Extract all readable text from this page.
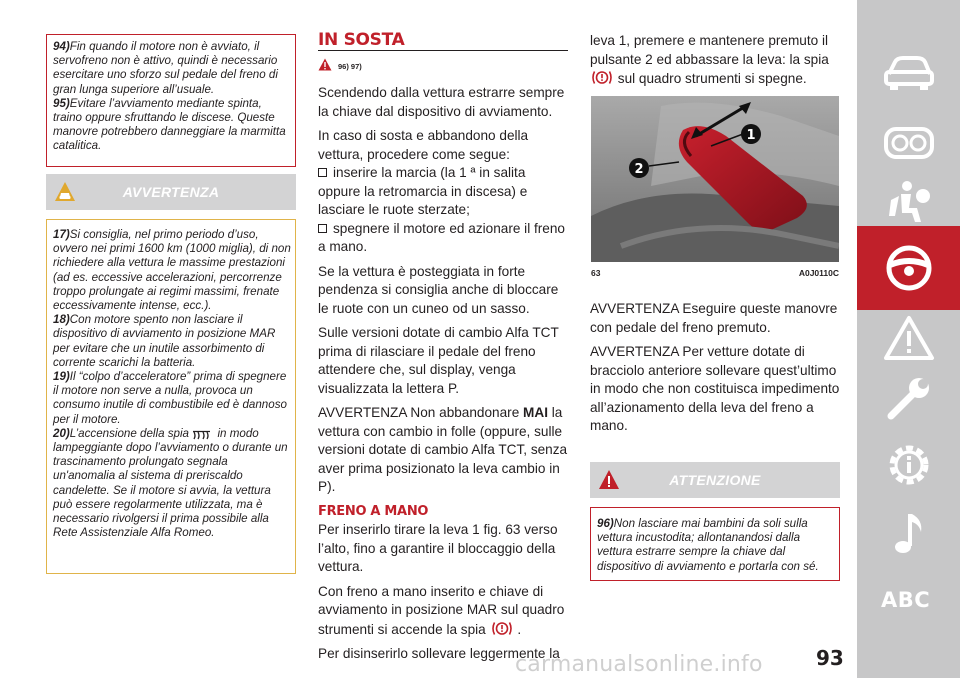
94)Fin quando il motore non è avviato, il servofreno non è attivo, quindi è necessario esercitare uno sforzo sul pedale del freno di gran lunga superiore all’usuale.

95)Evitare l’avviamento mediante spinta, traino oppure sfruttando le discese. Queste manovre potrebbero danneggiare la marmitta catalitica.

AVVERTENZA

17)Si consiglia, nel primo periodo d’uso, ovvero nei primi 1600 km (1000 miglia), di non richiedere alla vettura le massime prestazioni (ad es. eccessive accelerazioni, percorrenze troppo prolungate ai regimi massimi, frenate eccessivamente intense, ecc.).

18)Con motore spento non lasciare il dispositivo di avviamento in posizione MAR per evitare che un inutile assorbimento di corrente scarichi la batteria.

19)Il “colpo d’acceleratore” prima di spegnere il motore non serve a nulla, provoca un consumo inutile di combustibile ed è dannoso per il motore.

20)L’accensione della spia in modo lampeggiante dopo l’avviamento o durante un trascinamento prolungato segnala un'anomalia al sistema di preriscaldo candelette. Se il motore si avvia, la vettura può essere regolarmente utilizzata, ma è necessario rivolgersi il prima possibile alla Rete Assistenziale Alfa Romeo.

IN SOSTA
96) 97)

Scendendo dalla vettura estrarre sempre la chiave dal dispositivo di avviamento.

In caso di sosta e abbandono della vettura, procedere come segue:

inserire la marcia (la 1 ª in salita oppure la retromarcia in discesa) e lasciare le ruote sterzate;

spegnere il motore ed azionare il freno a mano.

Se la vettura è posteggiata in forte pendenza si consiglia anche di bloccare le ruote con un cuneo od un sasso.

Sulle versioni dotate di cambio Alfa TCT prima di rilasciare il pedale del freno attendere che, sul display, venga visualizzata la lettera P.

AVVERTENZA Non abbandonare MAI la vettura con cambio in folle (oppure, sulle versioni dotate di cambio Alfa TCT, senza aver prima posizionato la leva cambio in P).

FRENO A MANO

Per inserirlo tirare la leva 1 fig. 63 verso l’alto, fino a garantire il bloccaggio della vettura.

Con freno a mano inserito e chiave di avviamento in posizione MAR sul quadro strumenti si accende la spia .

Per disinserirlo sollevare leggermente la

leva 1, premere e mantenere premuto il pulsante 2 ed abbassare la leva: la spia
sul quadro strumenti si spegne.

1
2
63	A0J0110C

AVVERTENZA Eseguire queste manovre con pedale del freno premuto.

AVVERTENZA Per vetture dotate di bracciolo anteriore sollevare quest’ultimo in modo che non costituisca impedimento all’azionamento della leva del freno a mano.

ATTENZIONE

96)Non lasciare mai bambini da soli sulla vettura incustodita; allontanandosi dalla vettura estrarre sempre la chiave dal dispositivo di avviamento e portarla con sé.

ABC
93
carmanualsonline.info
